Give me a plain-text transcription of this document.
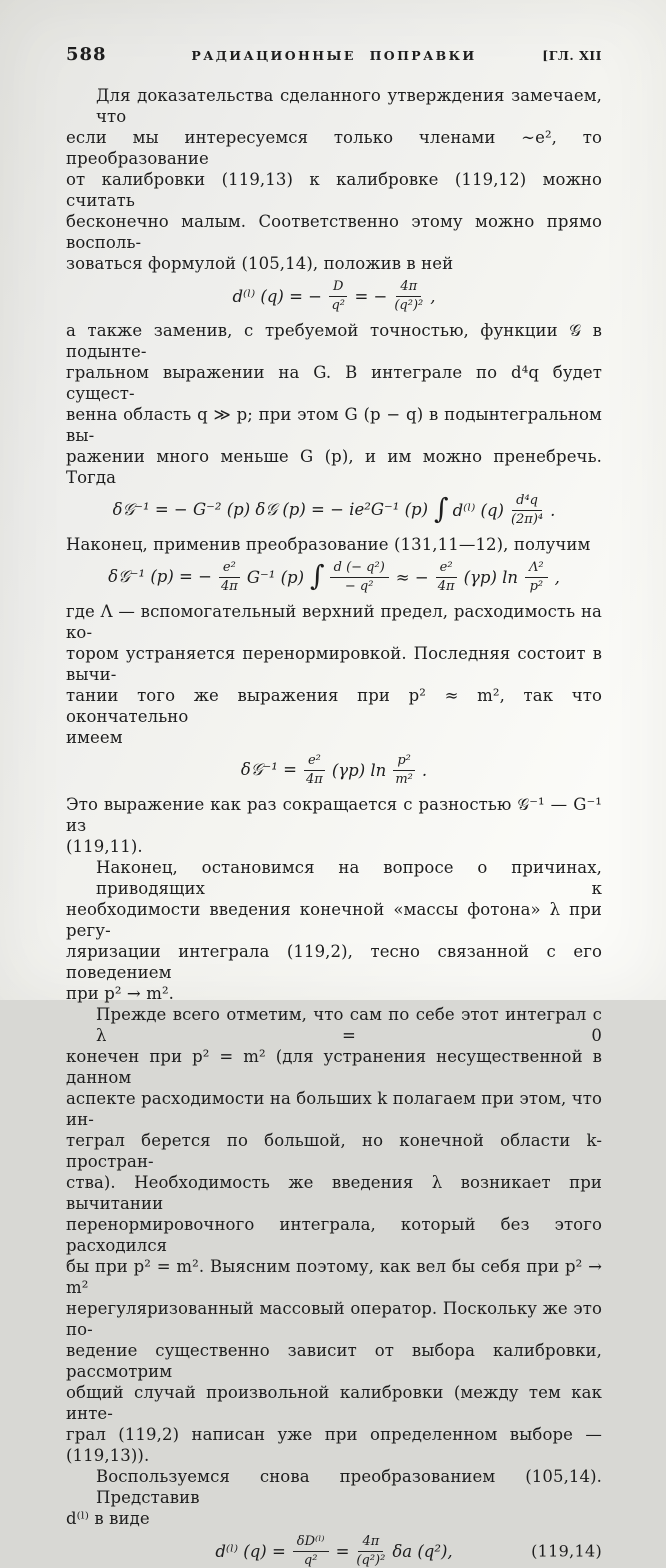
588	РАДИАЦИОННЫЕ ПОПРАВКИ	[ГЛ. XII
Для доказательства сделанного утверждения замечаем, что
если мы интересуемся только членами ∼e², то преобразование
от калибровки (119,13) к калибровке (119,12) можно считать
бесконечно малым. Соответственно этому можно прямо восполь-
зоваться формулой (105,14), положив в ней
d⁽ˡ⁾ (q) = − $\frac{D}{\text{q²}}$ = − $\frac{4\pi}{\text{(q²)²}}$ ,
а также заменив, с требуемой точностью, функции 𝒢 в подынте-
гральном выражении на G. В интеграле по d⁴q будет сущест-
венна область q ≫ p; при этом G (p − q) в подынтегральном вы-
ражении много меньше G (p), и им можно пренебречь. Тогда
δ𝒢⁻¹ = − G⁻² (p) δ𝒢 (p) = − ie²G⁻¹ (p) ∫ d⁽ˡ⁾ $(q) \frac{\text{d⁴q}}{\text{(2π)⁴}}$ .
Наконец, применив преобразование (131,11—12), получим
δ𝒢⁻¹ (p) = − $\frac{\text{e²}}{4\pi} G^{-1}$ (p) ∫ $\frac{\text{d (− q²)}}{\text{− q²}}$ ≈ − $\frac{\text{e²}}{4\pi} (\gamma p)$ $\ln \frac{\text{Λ²}}{\text{p²}}$ ,
где Λ — вспомогательный верхний предел, расходимость на ко-
тором устраняется перенормировкой. Последняя состоит в вычи-
тании того же выражения при p² ≈ m², так что окончательно
имеем
δ𝒢⁻¹ = $\frac{\text{e²}}{4\pi} (\gamma p)$ $\ln \frac{\text{p²}}{\text{m²}}$ .
Это выражение как раз сокращается с разностью 𝒢⁻¹ — G⁻¹ из
(119,11).
Наконец, остановимся на вопросе о причинах, приводящих к
необходимости введения конечной «массы фотона» λ при регу-
ляризации интеграла (119,2), тесно связанной с его поведением
при p² → m².
Прежде всего отметим, что сам по себе этот интеграл с λ = 0
конечен при p² = m² (для устранения несущественной в данном
аспекте расходимости на больших k полагаем при этом, что ин-
теграл берется по большой, но конечной области k-простран-
ства). Необходимость же введения λ возникает при вычитании
перенормировочного интеграла, который без этого расходился
бы при p² = m². Выясним поэтому, как вел бы себя при p² → m²
нерегуляризованный массовый оператор. Поскольку же это по-
ведение существенно зависит от выбора калибровки, рассмотрим
общий случай произвольной калибровки (между тем как инте-
грал (119,2) написан уже при определенном выборе — (119,13)).
Воспользуемся снова преобразованием (105,14). Представив
d⁽ˡ⁾ в виде
d⁽ˡ⁾ $(q) = \frac{\text{δD⁽ˡ⁾}}{\text{q²}} = \frac{4\pi}{\text{(q²)²}}$ δa (q²),	(119,14)
